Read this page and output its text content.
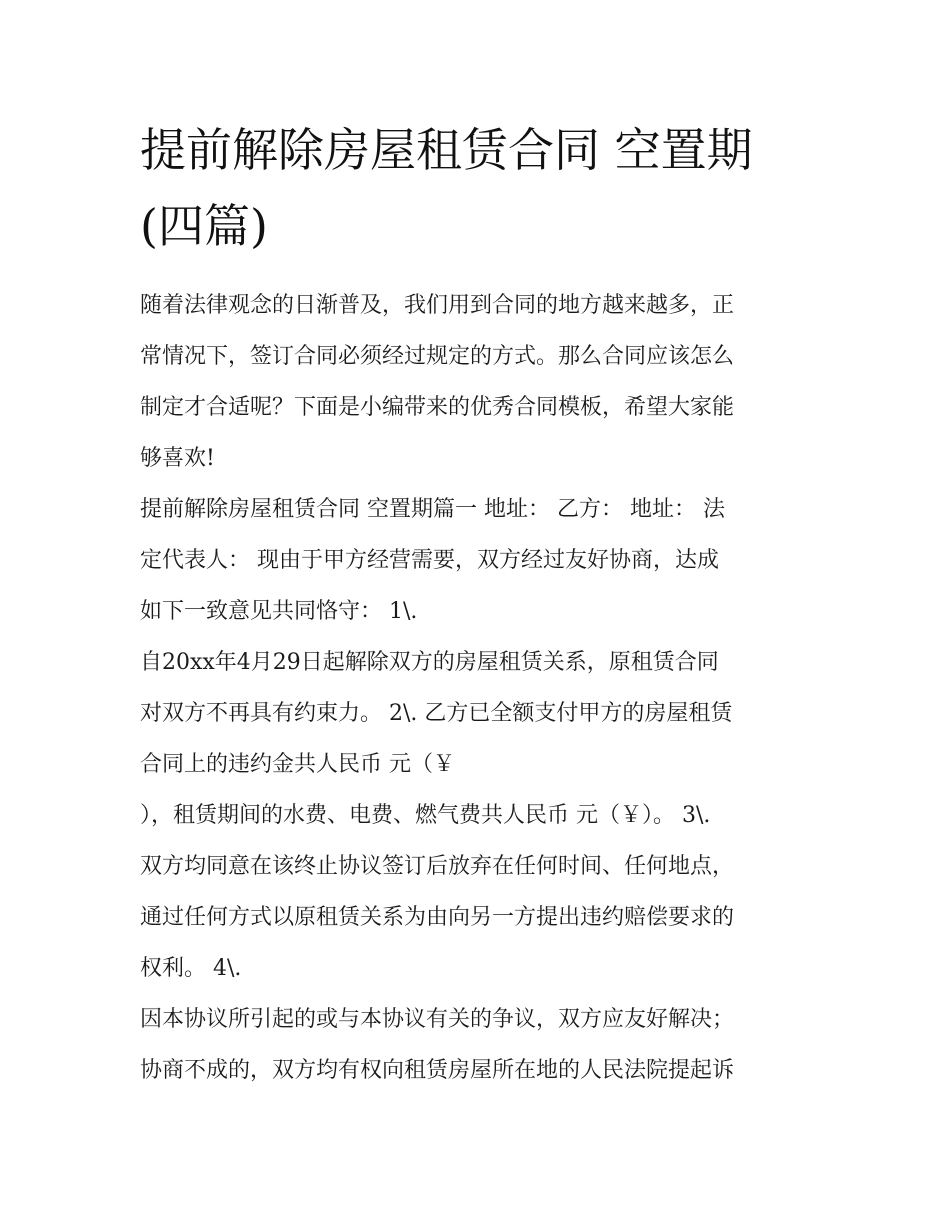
提前解除房屋租赁合同 空置期
(四篇)
随着法律观念的日渐普及，我们用到合同的地方越来越多，正
常情况下，签订合同必须经过规定的方式。那么合同应该怎么
制定才合适呢？下面是小编带来的优秀合同模板，希望大家能
够喜欢!
提前解除房屋租赁合同 空置期篇一 地址： 乙方： 地址： 法
定代表人： 现由于甲方经营需要，双方经过友好协商，达成
如下一致意见共同恪守： 1\.
自20xx年4月29日起解除双方的房屋租赁关系，原租赁合同
对双方不再具有约束力。 2\. 乙方已全额支付甲方的房屋租赁
合同上的违约金共人民币 元（￥
），租赁期间的水费、电费、燃气费共人民币 元（￥）。 3\.
双方均同意在该终止协议签订后放弃在任何时间、任何地点，
通过任何方式以原租赁关系为由向另一方提出违约赔偿要求的
权利。 4\.
因本协议所引起的或与本协议有关的争议，双方应友好解决；
协商不成的，双方均有权向租赁房屋所在地的人民法院提起诉
